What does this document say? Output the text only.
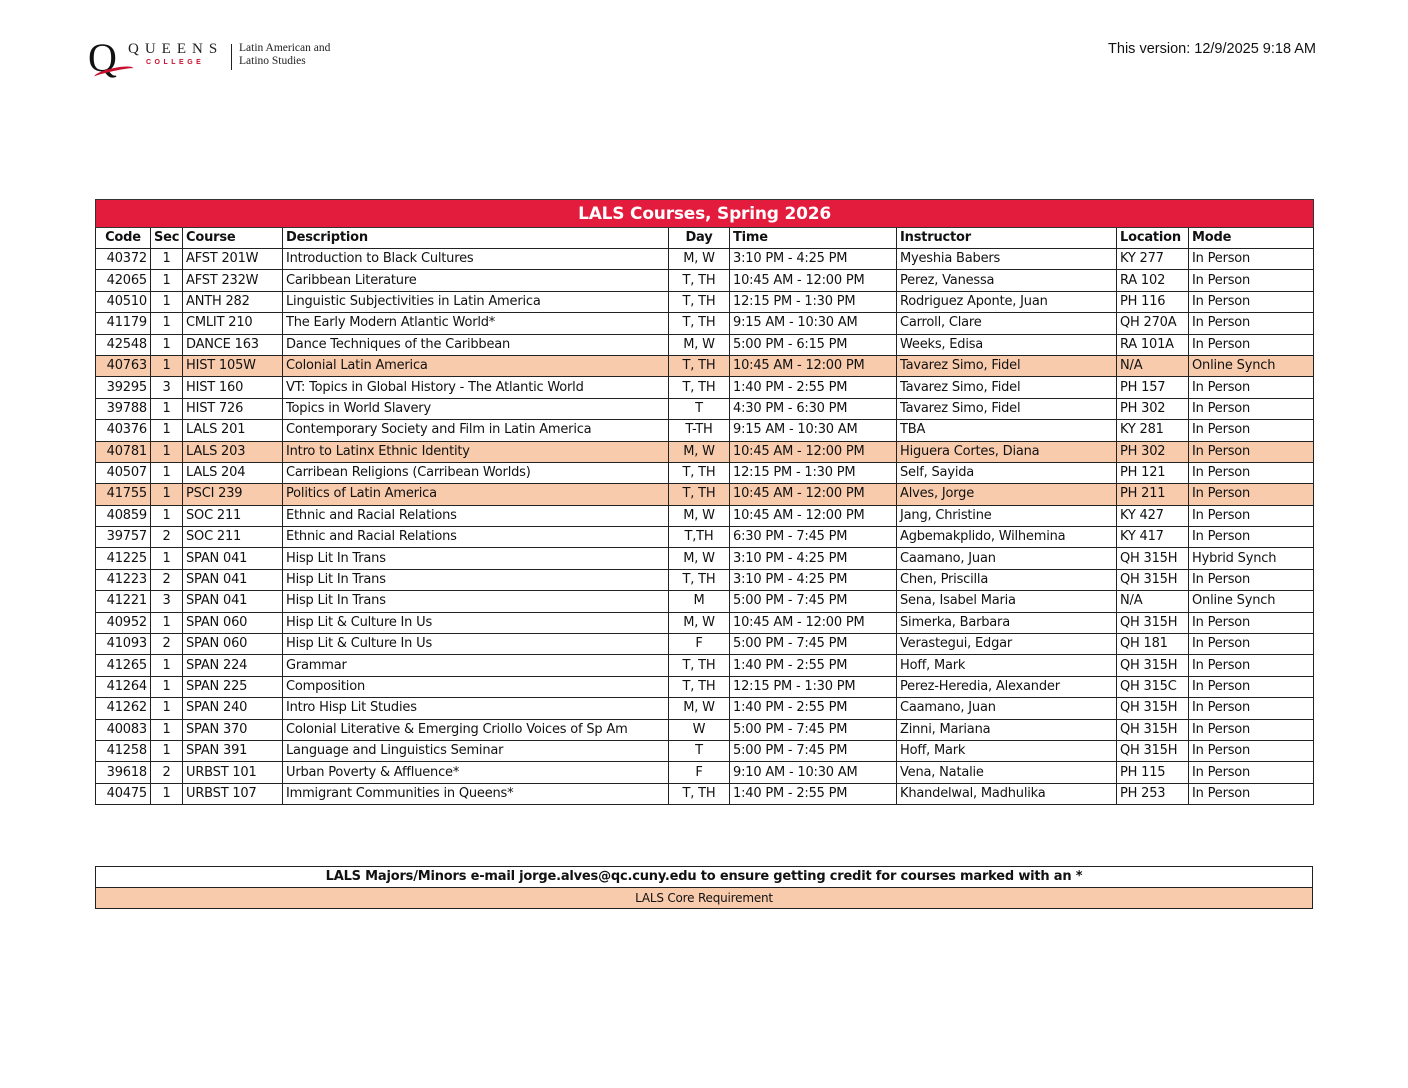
Q QUEENS
COLLEGE
Latin American and
Latino Studies
This version: 12/9/2025 9:18 AM
LALS Courses, Spring 2026								
Code	Sec	Course	Description	Day	Time	Instructor	Location	Mode
40372	1	AFST 201W	Introduction to Black Cultures	M, W	3:10 PM - 4:25 PM	Myeshia Babers	KY 277	In Person
42065	1	AFST 232W	Caribbean Literature	T, TH	10:45 AM - 12:00 PM	Perez, Vanessa	RA 102	In Person
40510	1	ANTH 282	Linguistic Subjectivities in Latin America	T, TH	12:15 PM - 1:30 PM	Rodriguez Aponte, Juan	PH 116	In Person
41179	1	CMLIT 210	The Early Modern Atlantic World*	T, TH	9:15 AM - 10:30 AM	Carroll, Clare	QH 270A	In Person
42548	1	DANCE 163	Dance Techniques of the Caribbean	M, W	5:00 PM - 6:15 PM	Weeks, Edisa	RA 101A	In Person
40763	1	HIST 105W	Colonial Latin America	T, TH	10:45 AM - 12:00 PM	Tavarez Simo, Fidel	N/A	Online Synch
39295	3	HIST 160	VT: Topics in Global History - The Atlantic World	T, TH	1:40 PM - 2:55 PM	Tavarez Simo, Fidel	PH 157	In Person
39788	1	HIST 726	Topics in World Slavery	T	4:30 PM - 6:30 PM	Tavarez Simo, Fidel	PH 302	In Person
40376	1	LALS 201	Contemporary Society and Film in Latin America	T-TH	9:15 AM - 10:30 AM	TBA	KY 281	In Person
40781	1	LALS 203	Intro to Latinx Ethnic Identity	M, W	10:45 AM - 12:00 PM	Higuera Cortes, Diana	PH 302	In Person
40507	1	LALS 204	Carribean Religions (Carribean Worlds)	T, TH	12:15 PM - 1:30 PM	Self, Sayida	PH 121	In Person
41755	1	PSCI 239	Politics of Latin America	T, TH	10:45 AM - 12:00 PM	Alves, Jorge	PH 211	In Person
40859	1	SOC 211	Ethnic and Racial Relations	M, W	10:45 AM - 12:00 PM	Jang, Christine	KY 427	In Person
39757	2	SOC 211	Ethnic and Racial Relations	T,TH	6:30 PM - 7:45 PM	Agbemakplido, Wilhemina	KY 417	In Person
41225	1	SPAN 041	Hisp Lit In Trans	M, W	3:10 PM - 4:25 PM	Caamano, Juan	QH 315H	Hybrid Synch
41223	2	SPAN 041	Hisp Lit In Trans	T, TH	3:10 PM - 4:25 PM	Chen, Priscilla	QH 315H	In Person
41221	3	SPAN 041	Hisp Lit In Trans	M	5:00 PM - 7:45 PM	Sena, Isabel Maria	N/A	Online Synch
40952	1	SPAN 060	Hisp Lit & Culture In Us	M, W	10:45 AM - 12:00 PM	Simerka, Barbara	QH 315H	In Person
41093	2	SPAN 060	Hisp Lit & Culture In Us	F	5:00 PM - 7:45 PM	Verastegui, Edgar	QH 181	In Person
41265	1	SPAN 224	Grammar	T, TH	1:40 PM - 2:55 PM	Hoff, Mark	QH 315H	In Person
41264	1	SPAN 225	Composition	T, TH	12:15 PM - 1:30 PM	Perez-Heredia, Alexander	QH 315C	In Person
41262	1	SPAN 240	Intro Hisp Lit Studies	M, W	1:40 PM - 2:55 PM	Caamano, Juan	QH 315H	In Person
40083	1	SPAN 370	Colonial Literative & Emerging Criollo Voices of Sp Am	W	5:00 PM - 7:45 PM	Zinni, Mariana	QH 315H	In Person
41258	1	SPAN 391	Language and Linguistics Seminar	T	5:00 PM - 7:45 PM	Hoff, Mark	QH 315H	In Person
39618	2	URBST 101	Urban Poverty & Affluence*	F	9:10 AM - 10:30 AM	Vena, Natalie	PH 115	In Person
40475	1	URBST 107	Immigrant Communities in Queens*	T, TH	1:40 PM - 2:55 PM	Khandelwal, Madhulika	PH 253	In Person
LALS Majors/Minors e-mail jorge.alves@qc.cuny.edu to ensure getting credit for courses marked with an *
LALS Core Requirement
